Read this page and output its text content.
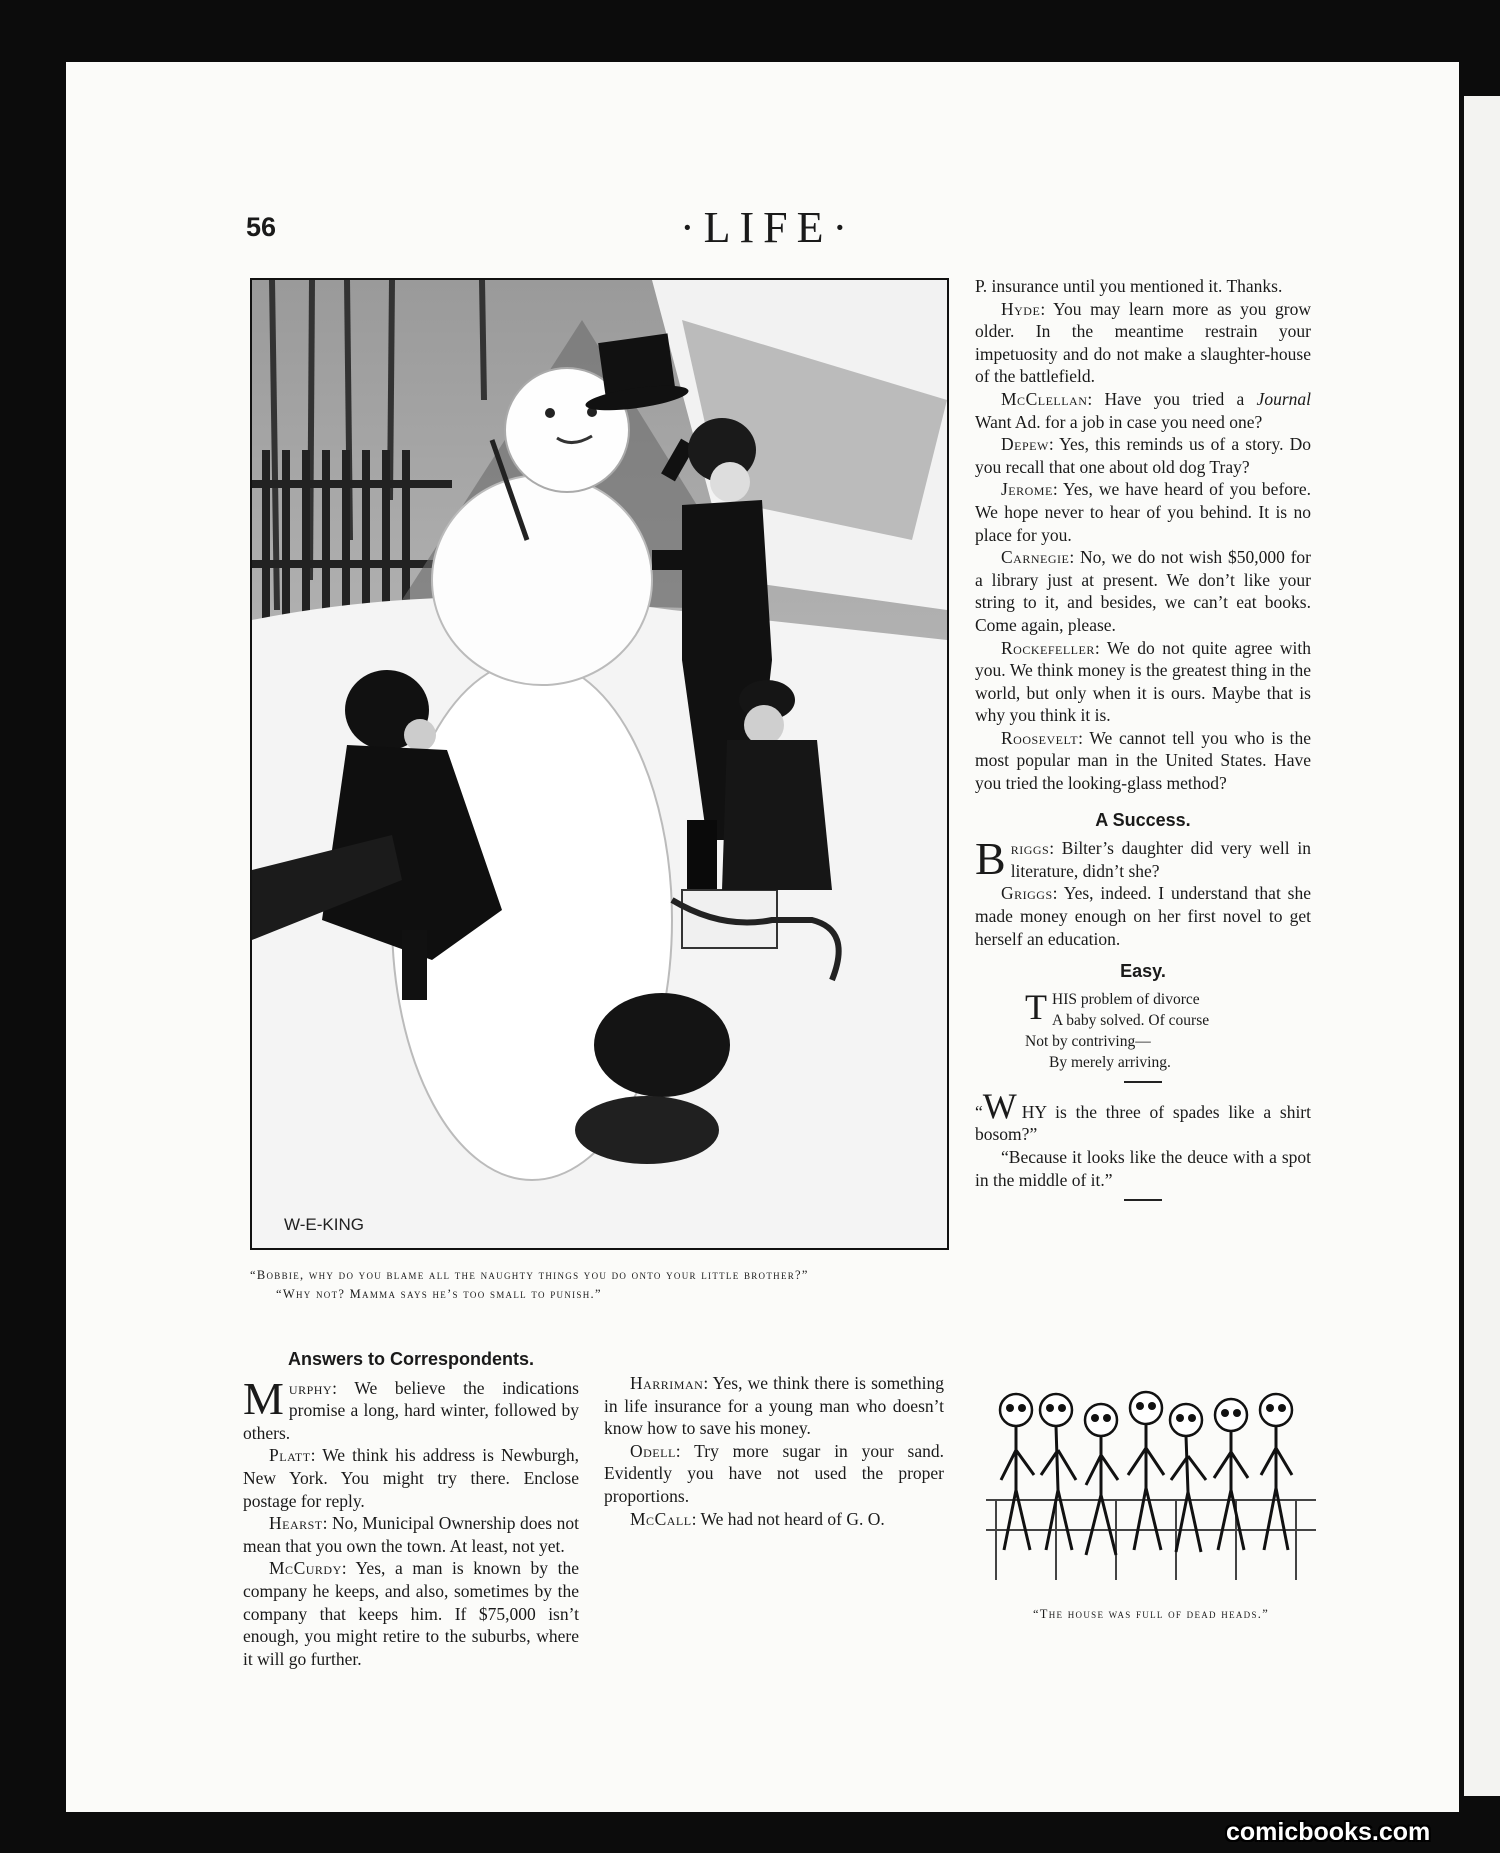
56	·LIFE·
W-E-KING

“Bobbie, why do you blame all the naughty things you do onto your little brother?”

“Why not? Mamma says he’s too small to punish.”

Answers to Correspondents.

Murphy: We believe the indications promise a long, hard winter, followed by others.

Platt: We think his address is Newburgh, New York. You might try there. Enclose postage for reply.

Hearst: No, Municipal Ownership does not mean that you own the town. At least, not yet.

McCurdy: Yes, a man is known by the company he keeps, and also, sometimes by the company that keeps him. If $75,000 isn’t enough, you might retire to the suburbs, where it will go further.

Harriman: Yes, we think there is something in life insurance for a young man who doesn’t know how to save his money.

Odell: Try more sugar in your sand. Evidently you have not used the proper proportions.

McCall: We had not heard of G. O.

P. insurance until you mentioned it. Thanks.

Hyde: You may learn more as you grow older. In the meantime restrain your impetuosity and do not make a slaughter-house of the battlefield.

McClellan: Have you tried a Journal Want Ad. for a job in case you need one?

Depew: Yes, this reminds us of a story. Do you recall that one about old dog Tray?

Jerome: Yes, we have heard of you before. We hope never to hear of you behind. It is no place for you.

Carnegie: No, we do not wish $50,000 for a library just at present. We don’t like your string to it, and besides, we can’t eat books. Come again, please.

Rockefeller: We do not quite agree with you. We think money is the greatest thing in the world, but only when it is ours. Maybe that is why you think it is.

Roosevelt: We cannot tell you who is the most popular man in the United States. Have you tried the looking-glass method?

A Success.

Briggs: Bilter’s daughter did very well in literature, didn’t she?

Griggs: Yes, indeed. I understand that she made money enough on her first novel to get herself an education.

Easy.
THIS problem of divorce
A baby solved. Of course
Not by contriving—
By merely arriving.

“W HY is the three of spades like a shirt bosom?”

“Because it looks like the deuce with a spot in the middle of it.”

“The house was full of dead heads.”
comicbooks.com
